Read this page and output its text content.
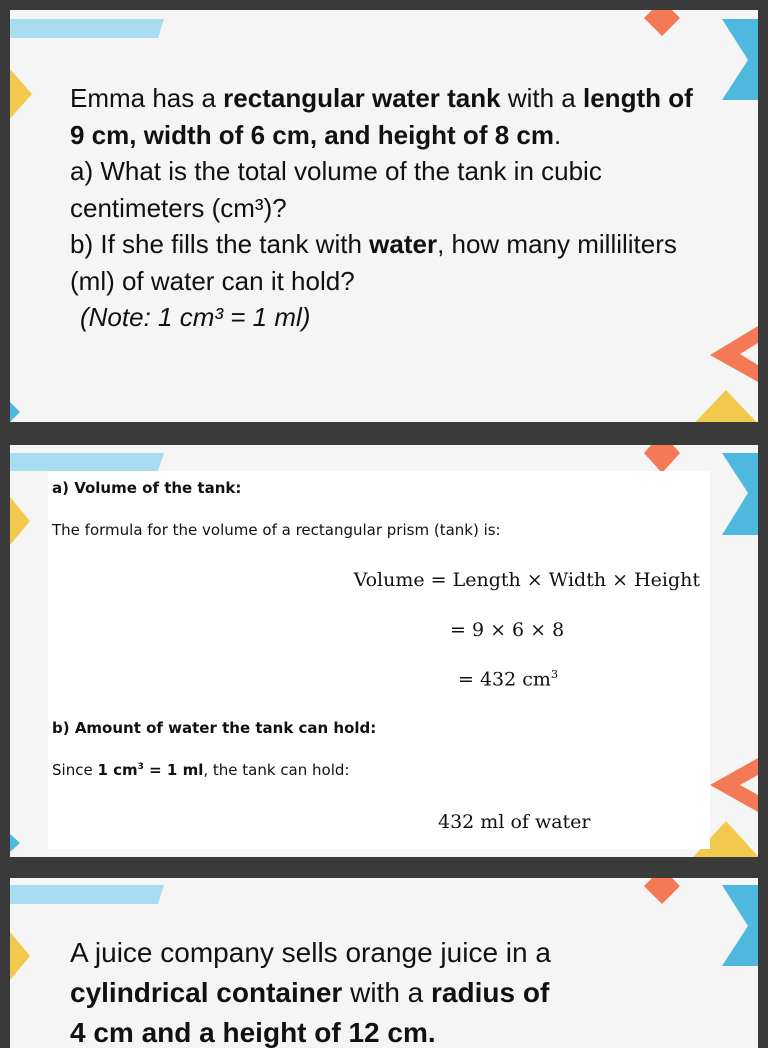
Emma has a rectangular water tank with a length of 9 cm, width of 6 cm, and height of 8 cm.
a) What is the total volume of the tank in cubic centimeters (cm³)?
b) If she fills the tank with water, how many milliliters (ml) of water can it hold?
(Note: 1 cm³ = 1 ml)
a) Volume of the tank:
The formula for the volume of a rectangular prism (tank) is:
Volume = Length × Width × Height
= 9 × 6 × 8
= 432 $cm^3$
b) Amount of water the tank can hold:
Since 1 $cm^3 = 1$ ml, the tank can hold:
432 ml of water
A juice company sells orange juice in a
cylindrical container with a radius of
4 cm and a height of 12 cm.
